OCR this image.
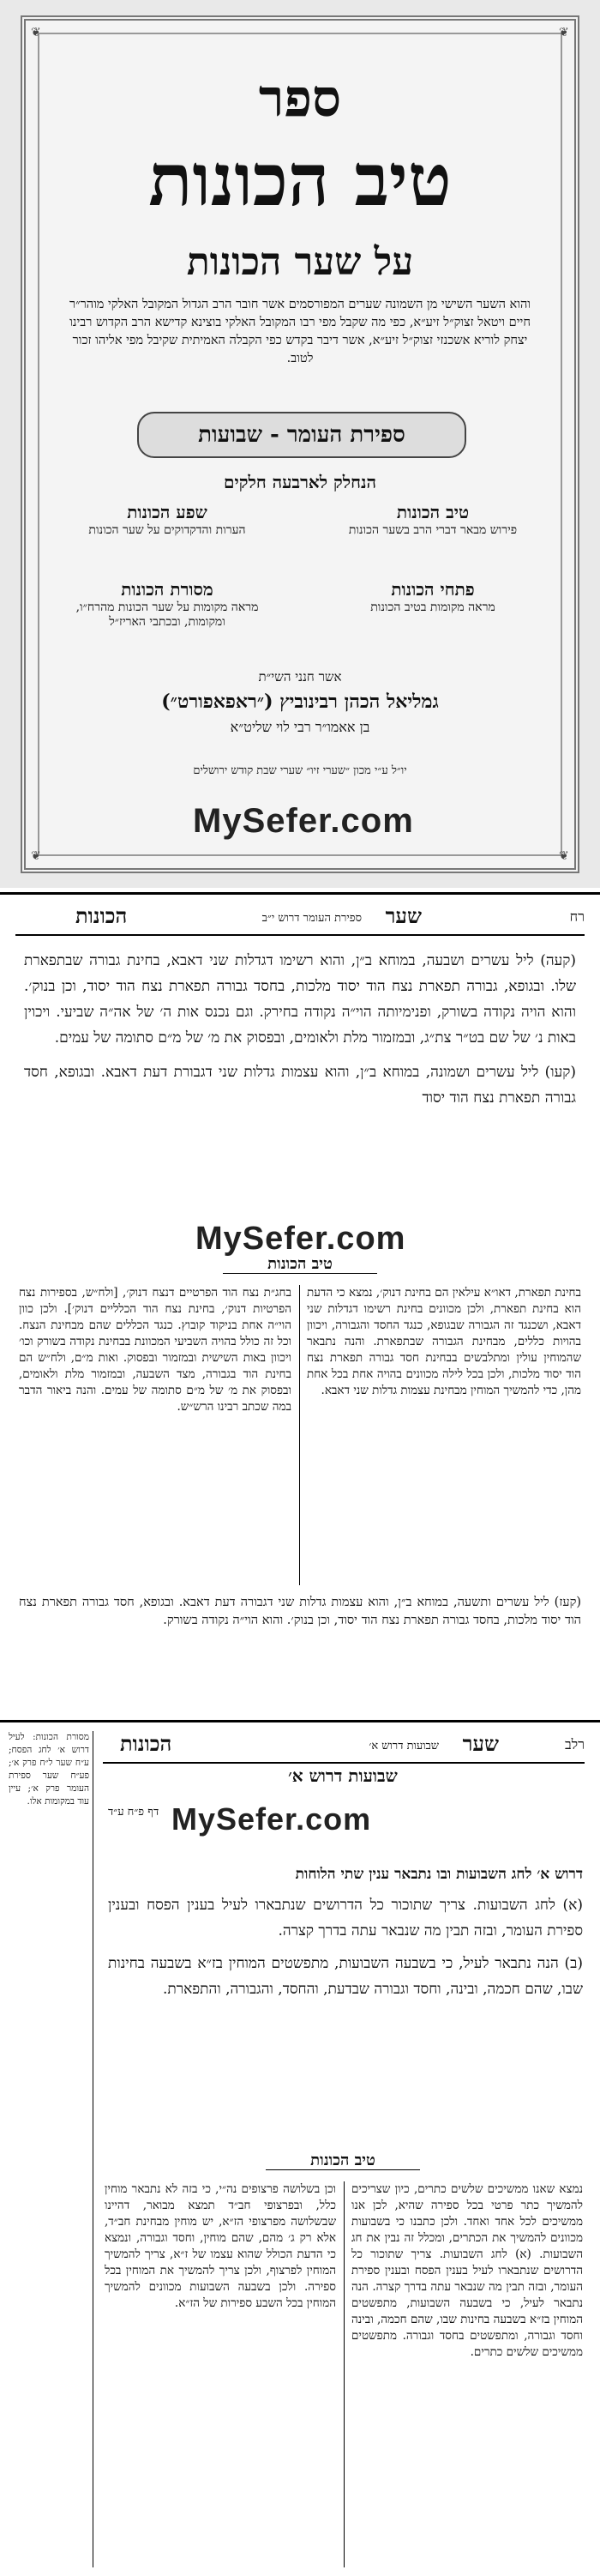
❦	❦
❦	❦
ספר
טיב הכונות
על שער הכונות
והוא השער השישי מן השמונה שערים המפורסמים אשר חובר הרב הגדול המקובל האלקי מוהר״ר חיים ויטאל זצוק״ל זיע״א, כפי מה שקבל מפי רבו המקובל האלקי בוצינא קדישא הרב הקדוש רבינו יצחק לוריא אשכנזי זצוק״ל זיע״א, אשר דיבר בקדש כפי הקבלה האמיתית שקיבל מפי אליהו זכור לטוב.
ספירת העומר - שבועות
הנחלק לארבעה חלקים
טיב הכונות
פירוש מבאר דברי הרב בשער הכונות
שפע הכונות
הערות והדקדוקים על שער הכונות
פתחי הכונות
מראה מקומות בטיב הכונות
מסורת הכונות
מראה מקומות על שער הכונות מהרח״ו, ומקומות, ובכתבי האריז״ל
אשר חנני השי״ת
גמליאל הכהן רבינוביץ (״ראפאפורט״)
בן אאמו״ר רבי לוי שליט״א
יו״ל ע״י מכון ״שערי זיו״ שערי שבת קודש ירושלים
MySefer.com
רח
שער
ספירת העומר דרוש י״ב
הכונות

(קעה) ליל עשרים ושבעה, במוחא ב״ן, והוא רשימו דגדלות שני דאבא, בחינת גבורה שבתפארת שלו. ובגופא, גבורה תפארת נצח הוד יסוד מלכות, בחסד גבורה תפארת נצח הוד יסוד, וכן בנוק׳. והוא הויה נקודה בשורק, ופנימיותה הוי״ה נקודה בחירק. וגם נכנס אות ה׳ של אה״ה שביעי. ויכוין באות נ׳ של שם בט״ר צת״ג, ובמזמור מלת ולאומים, ובפסוק את מ׳ של מ״ם סתומה של עמים.

(קעו) ליל עשרים ושמונה, במוחא ב״ן, והוא עצמות גדלות שני דגבורת דעת דאבא. ובגופא, חסד גבורה תפארת נצח הוד יסוד

MySefer.com
טיב הכונות
בחג״ת נצח הוד הפרטיים דנצח דנוק׳, [ולח״ש, בספירות נצח הפרטיות דנוק׳, בחינת נצח הוד הכלליים דנוק׳]. ולכן כוון הוי״ה אחת בניקוד קובוץ. כנגד הכללים שהם מבחינת הנצח. וכל זה כולל בהויה השביעי המכוונת בבחינת נקודה בשורק וכו׳ ויכוון באות השישית ובמזמור ובפסוק. ואות מ״ם, ולח״ש הם בחינת הוד בגבורה, מצד השבעה, ובמזמור מלת ולאומים, ובפסוק את מ׳ של מ״ם סתומה של עמים. והנה ביאור הדבר במה שכתב רבינו הרש״ש.
בחינת תפארת, דאו״א עילאין הם בחינת דנוק׳, נמצא כי הדעת הוא בחינת תפארת, ולכן מכוונים בחינת רשימו דגדלות שני דאבא, ושכנגד זה הגבורה שבגופא, כנגד החסד והגבורה, ויכוון בהויות כללים, מבחינת הגבורה שבתפארת. והנה נתבאר שהמוחין עולין ומתלבשים בבחינת חסד גבורה תפארת נצח הוד יסוד מלכות, ולכן בכל לילה מכוונים בהויה אחת בכל אחת מהן, כדי להמשיך המוחין מבחינת עצמות גדלות שני דאבא.
(קעז) ליל עשרים ותשעה, במוחא ב״ן, והוא עצמות גדלות שני דגבורה דעת דאבא. ובגופא, חסד גבורה תפארת נצח הוד יסוד מלכות, בחסד גבורה תפארת נצח הוד יסוד, וכן בנוק׳. והוא הוי״ה נקודה בשורק.
מסורת הכונות: לעיל דרוש א׳ לחג הפסח; ע״ח שער ל״ח פרק א׳; פע״ח שער ספירת העומר פרק א׳; עיין עוד במקומות אלו.
רלב
שער
שבועות דרוש א׳
הכונות
שבועות דרוש א׳
MySefer.com
דף פ״ח ע״ד

דרוש א׳ לחג השבועות ובו נתבאר ענין שתי הלוחות

(א) לחג השבועות. צריך שתוכור כל הדרושים שנתבארו לעיל בענין הפסח ובענין ספירת העומר, ובזה תבין מה שנבאר עתה בדרך קצרה.

(ב) הנה נתבאר לעיל, כי בשבעה השבועות, מתפשטים המוחין בז״א בשבעה בחינות שבו, שהם חכמה, ובינה, וחסד וגבורה שבדעת, והחסד, והגבורה, והתפארת.

טיב הכונות
וכן בשלושה פרצופים נה״י, כי בזה לא נתבאר מוחין כלל, ובפרצופי חב״ד תמצא מבואר, דהיינו שבשלושה מפרצופי הז״א, יש מוחין מבחינת חב״ד, אלא רק ג׳ מהם, שהם מוחין, וחסד וגבורה, ונמצא כי הדעת הכולל שהוא עצמו של ז״א, צריך להמשיך המוחין לפרצוף, ולכן צריך להמשיך את המוחין בכל ספירה. ולכן בשבעה השבועות מכוונים להמשיך המוחין בכל השבע ספירות של הז״א.
נמצא שאנו ממשיכים שלשים כתרים, כיון שצריכים להמשיך כתר פרטי בכל ספירה שהיא, לכן אנו ממשיכים לכל אחד ואחד. ולכן כתבנו כי בשבועות מכוונים להמשיך את הכתרים, ומכלל זה נבין את חג השבועות. (א) לחג השבועות. צריך שתוכור כל הדרושים שנתבארו לעיל בענין הפסח ובענין ספירת העומר, ובזה תבין מה שנבאר עתה בדרך קצרה. הנה נתבאר לעיל, כי בשבעה השבועות, מתפשטים המוחין בז״א בשבעה בחינות שבו, שהם חכמה, ובינה וחסד וגבורה, ומתפשטים בחסד וגבורה. מתפשטים ממשיכים שלשים כתרים.
